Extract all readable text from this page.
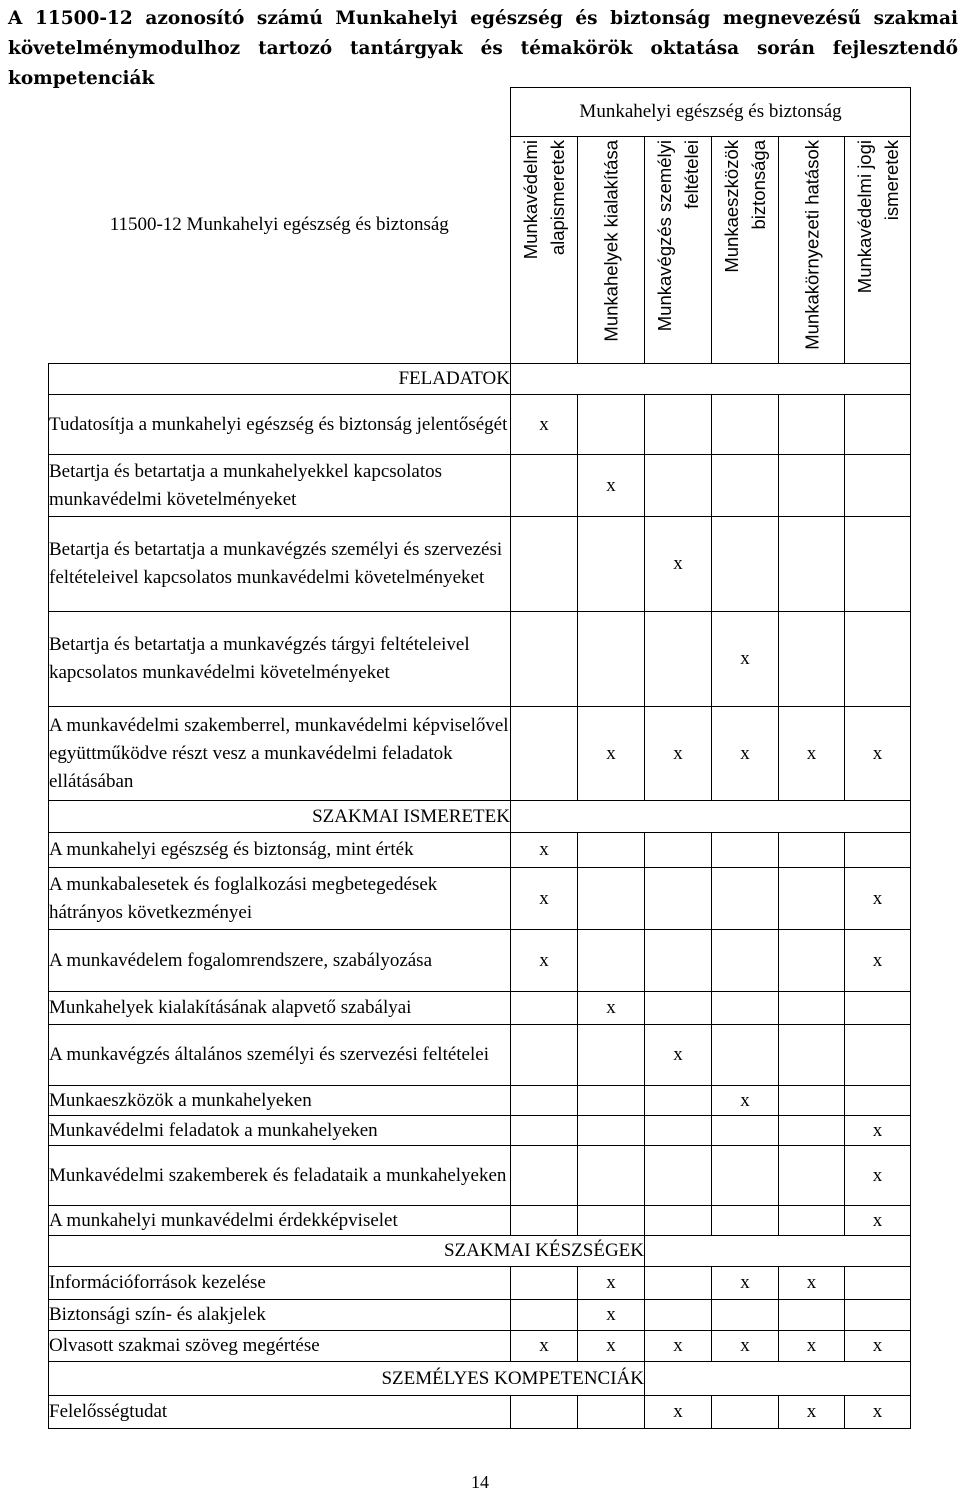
A 11500-12 azonosító számú Munkahelyi egészség és biztonság megnevezésű szakmai követelménymodulhoz tartozó tantárgyak és témakörök oktatása során fejlesztendő kompetenciák

11500-12 Munkahelyi egészség és biztonság	Munkahelyi egészség és biztonság					

	Munkavédelmi alapismeretek	Munkahelyek kialakítása	Munkavégzés személyi feltételei	Munkaeszközök biztonsága	Munkakörnyezeti hatások	Munkavédelmi jogi ismeretek

FELADATOK						
Tudatosítja a munkahelyi egészség és biztonság jelentőségét	x					
Betartja és betartatja a munkahelyekkel kapcsolatos munkavédelmi követelményeket		x				
Betartja és betartatja a munkavégzés személyi és szervezési feltételeivel kapcsolatos munkavédelmi követelményeket			x			
Betartja és betartatja a munkavégzés tárgyi feltételeivel kapcsolatos munkavédelmi követelményeket				x		
A munkavédelmi szakemberrel, munkavédelmi képviselővel együttműködve részt vesz a munkavédelmi feladatok ellátásában		x	x	x	x	x
SZAKMAI ISMERETEK						
A munkahelyi egészség és biztonság, mint érték	x					
A munkabalesetek és foglalkozási megbetegedések hátrányos következményei	x					x
A munkavédelem fogalomrendszere, szabályozása	x					x
Munkahelyek kialakításának alapvető szabályai		x				
A munkavégzés általános személyi és szervezési feltételei			x			
Munkaeszközök a munkahelyeken				x		
Munkavédelmi feladatok a munkahelyeken						x
Munkavédelmi szakemberek és feladataik a munkahelyeken						x
A munkahelyi munkavédelmi érdekképviselet						x
SZAKMAI KÉSZSÉGEK						
Információforrások kezelése		x		x	x	
Biztonsági szín- és alakjelek		x				
Olvasott szakmai szöveg megértése	x	x	x	x	x	x
SZEMÉLYES KOMPETENCIÁK						
Felelősségtudat			x		x	x
14
